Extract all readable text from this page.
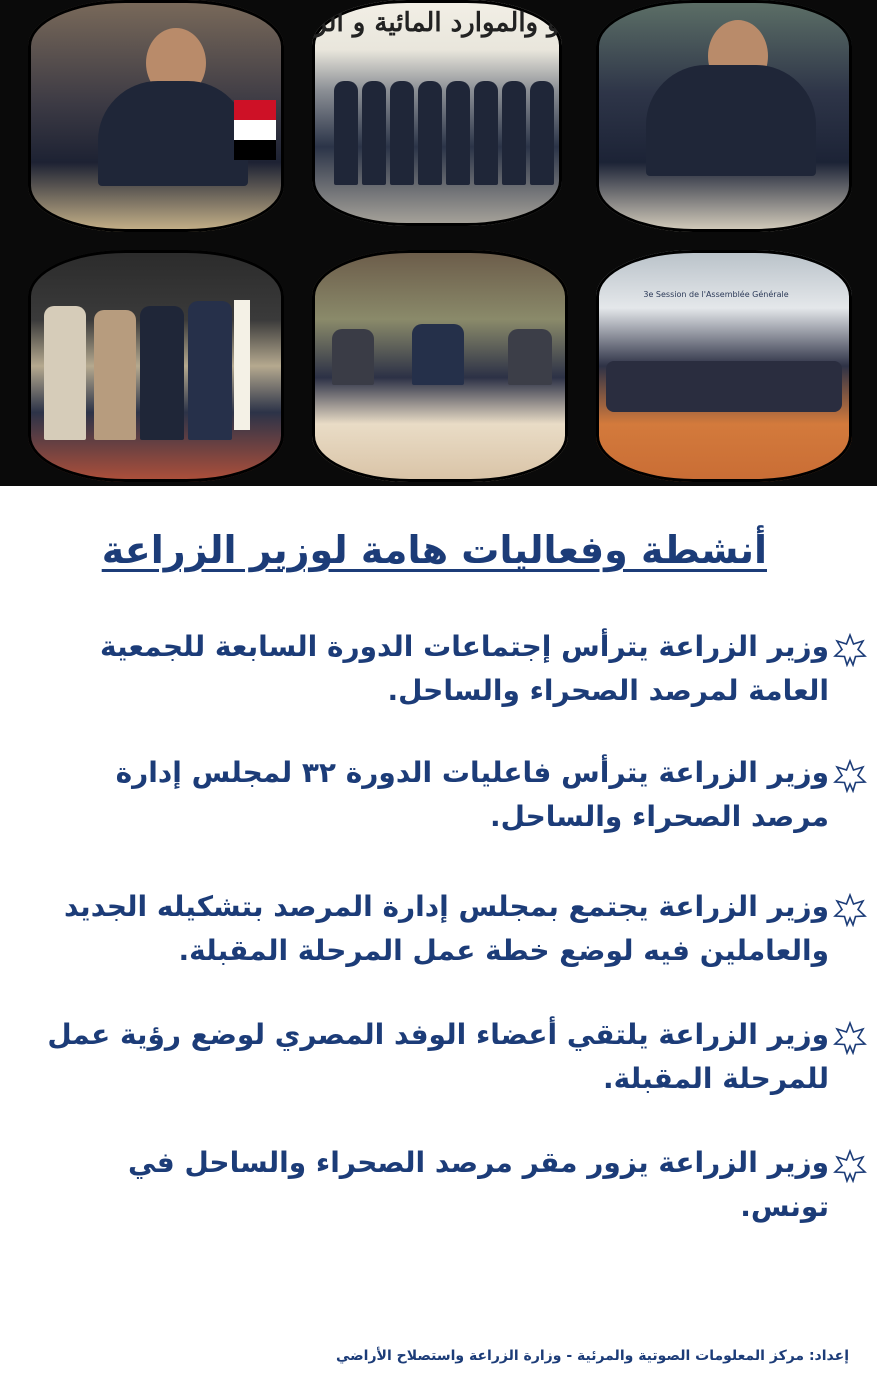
و والموارد المائية و الر
3e Session de l'Assemblée Générale
أنشطة وفعاليات هامة لوزير الزراعة
وزير الزراعة يترأس إجتماعات الدورة السابعة للجمعية العامة لمرصد الصحراء والساحل.
وزير الزراعة يترأس فاعليات الدورة ٣٢ لمجلس إدارة مرصد الصحراء والساحل.
وزير الزراعة يجتمع بمجلس إدارة المرصد بتشكيله الجديد والعاملين فيه لوضع خطة عمل المرحلة المقبلة.
وزير الزراعة يلتقي أعضاء الوفد المصري لوضع رؤية عمل للمرحلة المقبلة.
وزير الزراعة يزور مقر مرصد الصحراء والساحل في تونس.
إعداد: مركز المعلومات الصوتية والمرئية - وزارة الزراعة واستصلاح الأراضي
